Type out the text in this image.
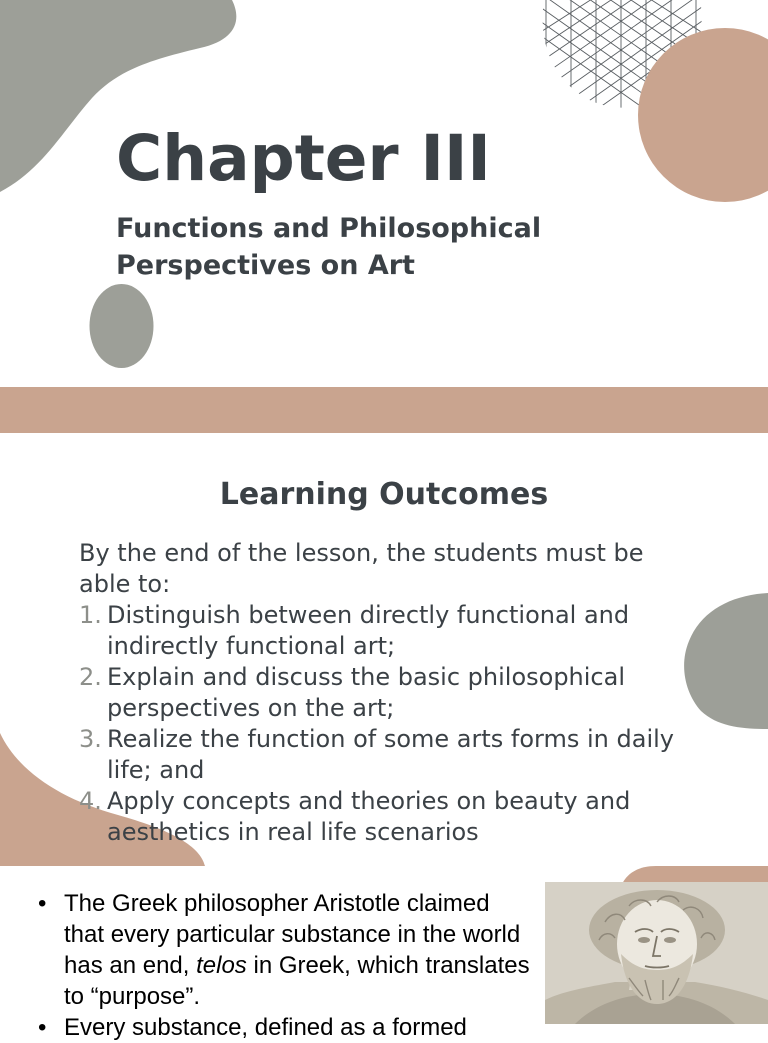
Chapter III
Functions and Philosophical
Perspectives on Art
Learning Outcomes

By the end of the lesson, the students must be able to:

1. Distinguish between directly functional and indirectly functional art;
2. Explain and discuss the basic philosophical perspectives on the art;
3. Realize the function of some arts forms in daily life; and
4. Apply concepts and theories on beauty and aesthetics in real life scenarios
• The Greek philosopher Aristotle claimed that every particular substance in the world has an end, telos in Greek, which translates to “purpose”.
• Every substance, defined as a formed
